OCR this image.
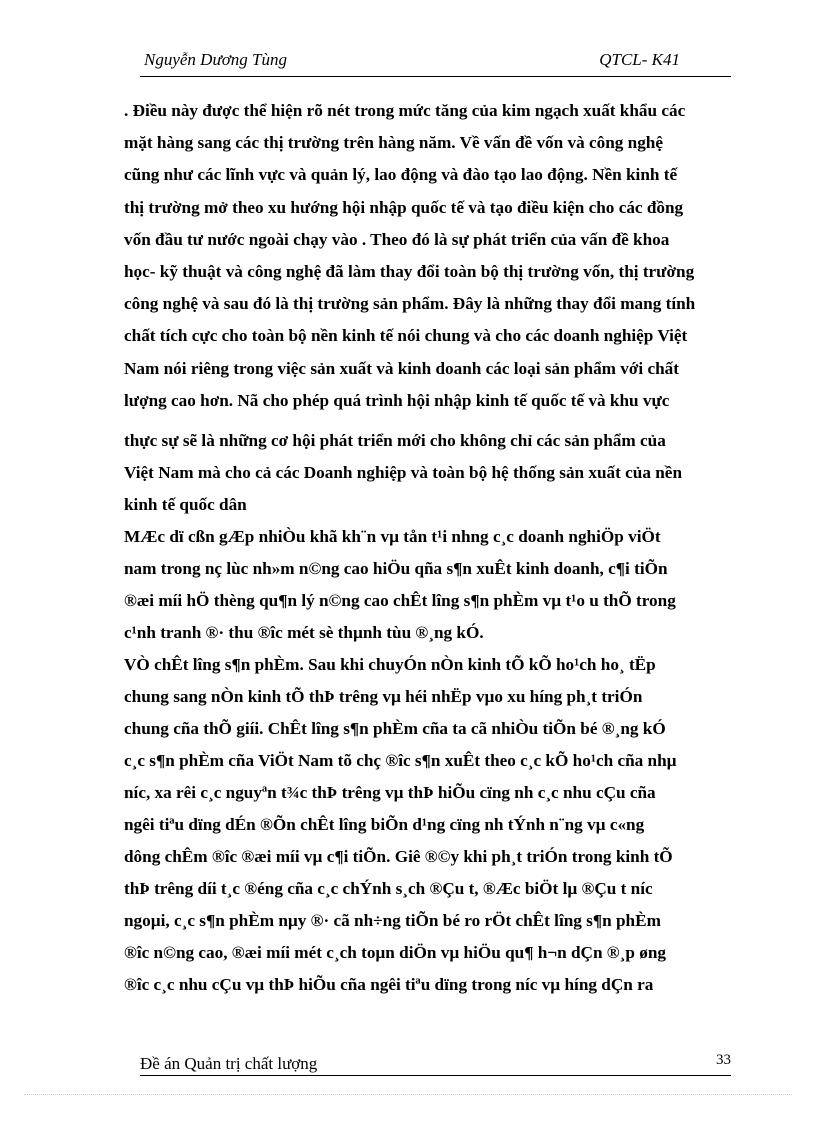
Nguyễn Dương Tùng	QTCL- K41
. Điều này được thể hiện rõ nét trong mức tăng của kim ngạch xuất khẩu các
mặt hàng sang các thị trường trên hàng năm. Về vấn đề vốn và công nghệ
cũng như các lĩnh vực và quản lý, lao động và đào tạo lao động. Nền kinh tế
thị trường mở theo xu hướng hội nhập quốc tế và tạo điều kiện cho các đồng
vốn đầu tư nước ngoài chạy vào . Theo đó là sự phát triển của vấn đề khoa
học- kỹ thuật và công nghệ đã làm thay đổi toàn bộ thị trường vốn, thị trường
công nghệ và sau đó là thị trường sản phẩm. Đây là những thay đổi mang tính
chất tích cực cho toàn bộ nền kinh tế nói chung và cho các doanh nghiệp Việt
Nam nói riêng trong việc sản xuất và kinh doanh các loại sản phẩm với chất
lượng cao hơn. Nã cho phép quá trình hội nhập kinh tế quốc tế và khu vực
thực sự sẽ là những cơ hội phát triển mới cho không chỉ các sản phẩm của
Việt Nam mà cho cả các Doanh nghiệp và toàn bộ hệ thống sản xuất của nền
kinh tế quốc dân
MÆc dï cßn gÆp nhiÒu khã kh¨n vµ tån t¹i nhng c¸c doanh nghiÖp viÖt
nam trong nç lùc nh»m n©ng cao hiÖu qña s¶n xuÊt kinh doanh, c¶i tiÕn
®æi míi hÖ thèng qu¶n lý n©ng cao chÊt lîng s¶n phÈm vµ t¹o u thÕ trong
c¹nh tranh ®· thu ®îc mét sè thµnh tùu ®¸ng kÓ.
VÒ chÊt lîng s¶n phÈm. Sau khi chuyÓn nÒn kinh tÕ kÕ ho¹ch ho¸ tËp
chung sang nÒn kinh tÕ thÞ trêng vµ héi nhËp vµo xu híng ph¸t triÓn
chung cña thÕ giíi. ChÊt lîng s¶n phÈm cña ta cã nhiÒu tiÕn bé ®¸ng kÓ
c¸c s¶n phÈm cña ViÖt Nam tõ chç ®îc s¶n xuÊt theo c¸c kÕ ho¹ch cña nhµ
níc, xa rêi c¸c nguyªn t¾c thÞ trêng vµ thÞ hiÕu cïng nh c¸c nhu cÇu cña
ngêi tiªu dïng dÉn ®Õn chÊt lîng biÕn d¹ng cïng nh tÝnh n¨ng vµ c«ng
dông chÊm ®îc ®æi míi vµ c¶i tiÕn. Giê ®©y khi ph¸t triÓn trong kinh tÕ
thÞ trêng díi t¸c ®éng cña c¸c chÝnh s¸ch ®Çu t, ®Æc biÖt lµ ®Çu t níc
ngoµi, c¸c s¶n phÈm nµy ®· cã nh÷ng tiÕn bé ro rÖt chÊt lîng s¶n phÈm
®îc n©ng cao, ®æi míi mét c¸ch toµn diÖn vµ hiÖu qu¶ h¬n dÇn ®¸p øng
®îc c¸c nhu cÇu vµ thÞ hiÕu cña ngêi tiªu dïng trong níc vµ híng dÇn ra
Đề án Quản trị chất lượng	33
